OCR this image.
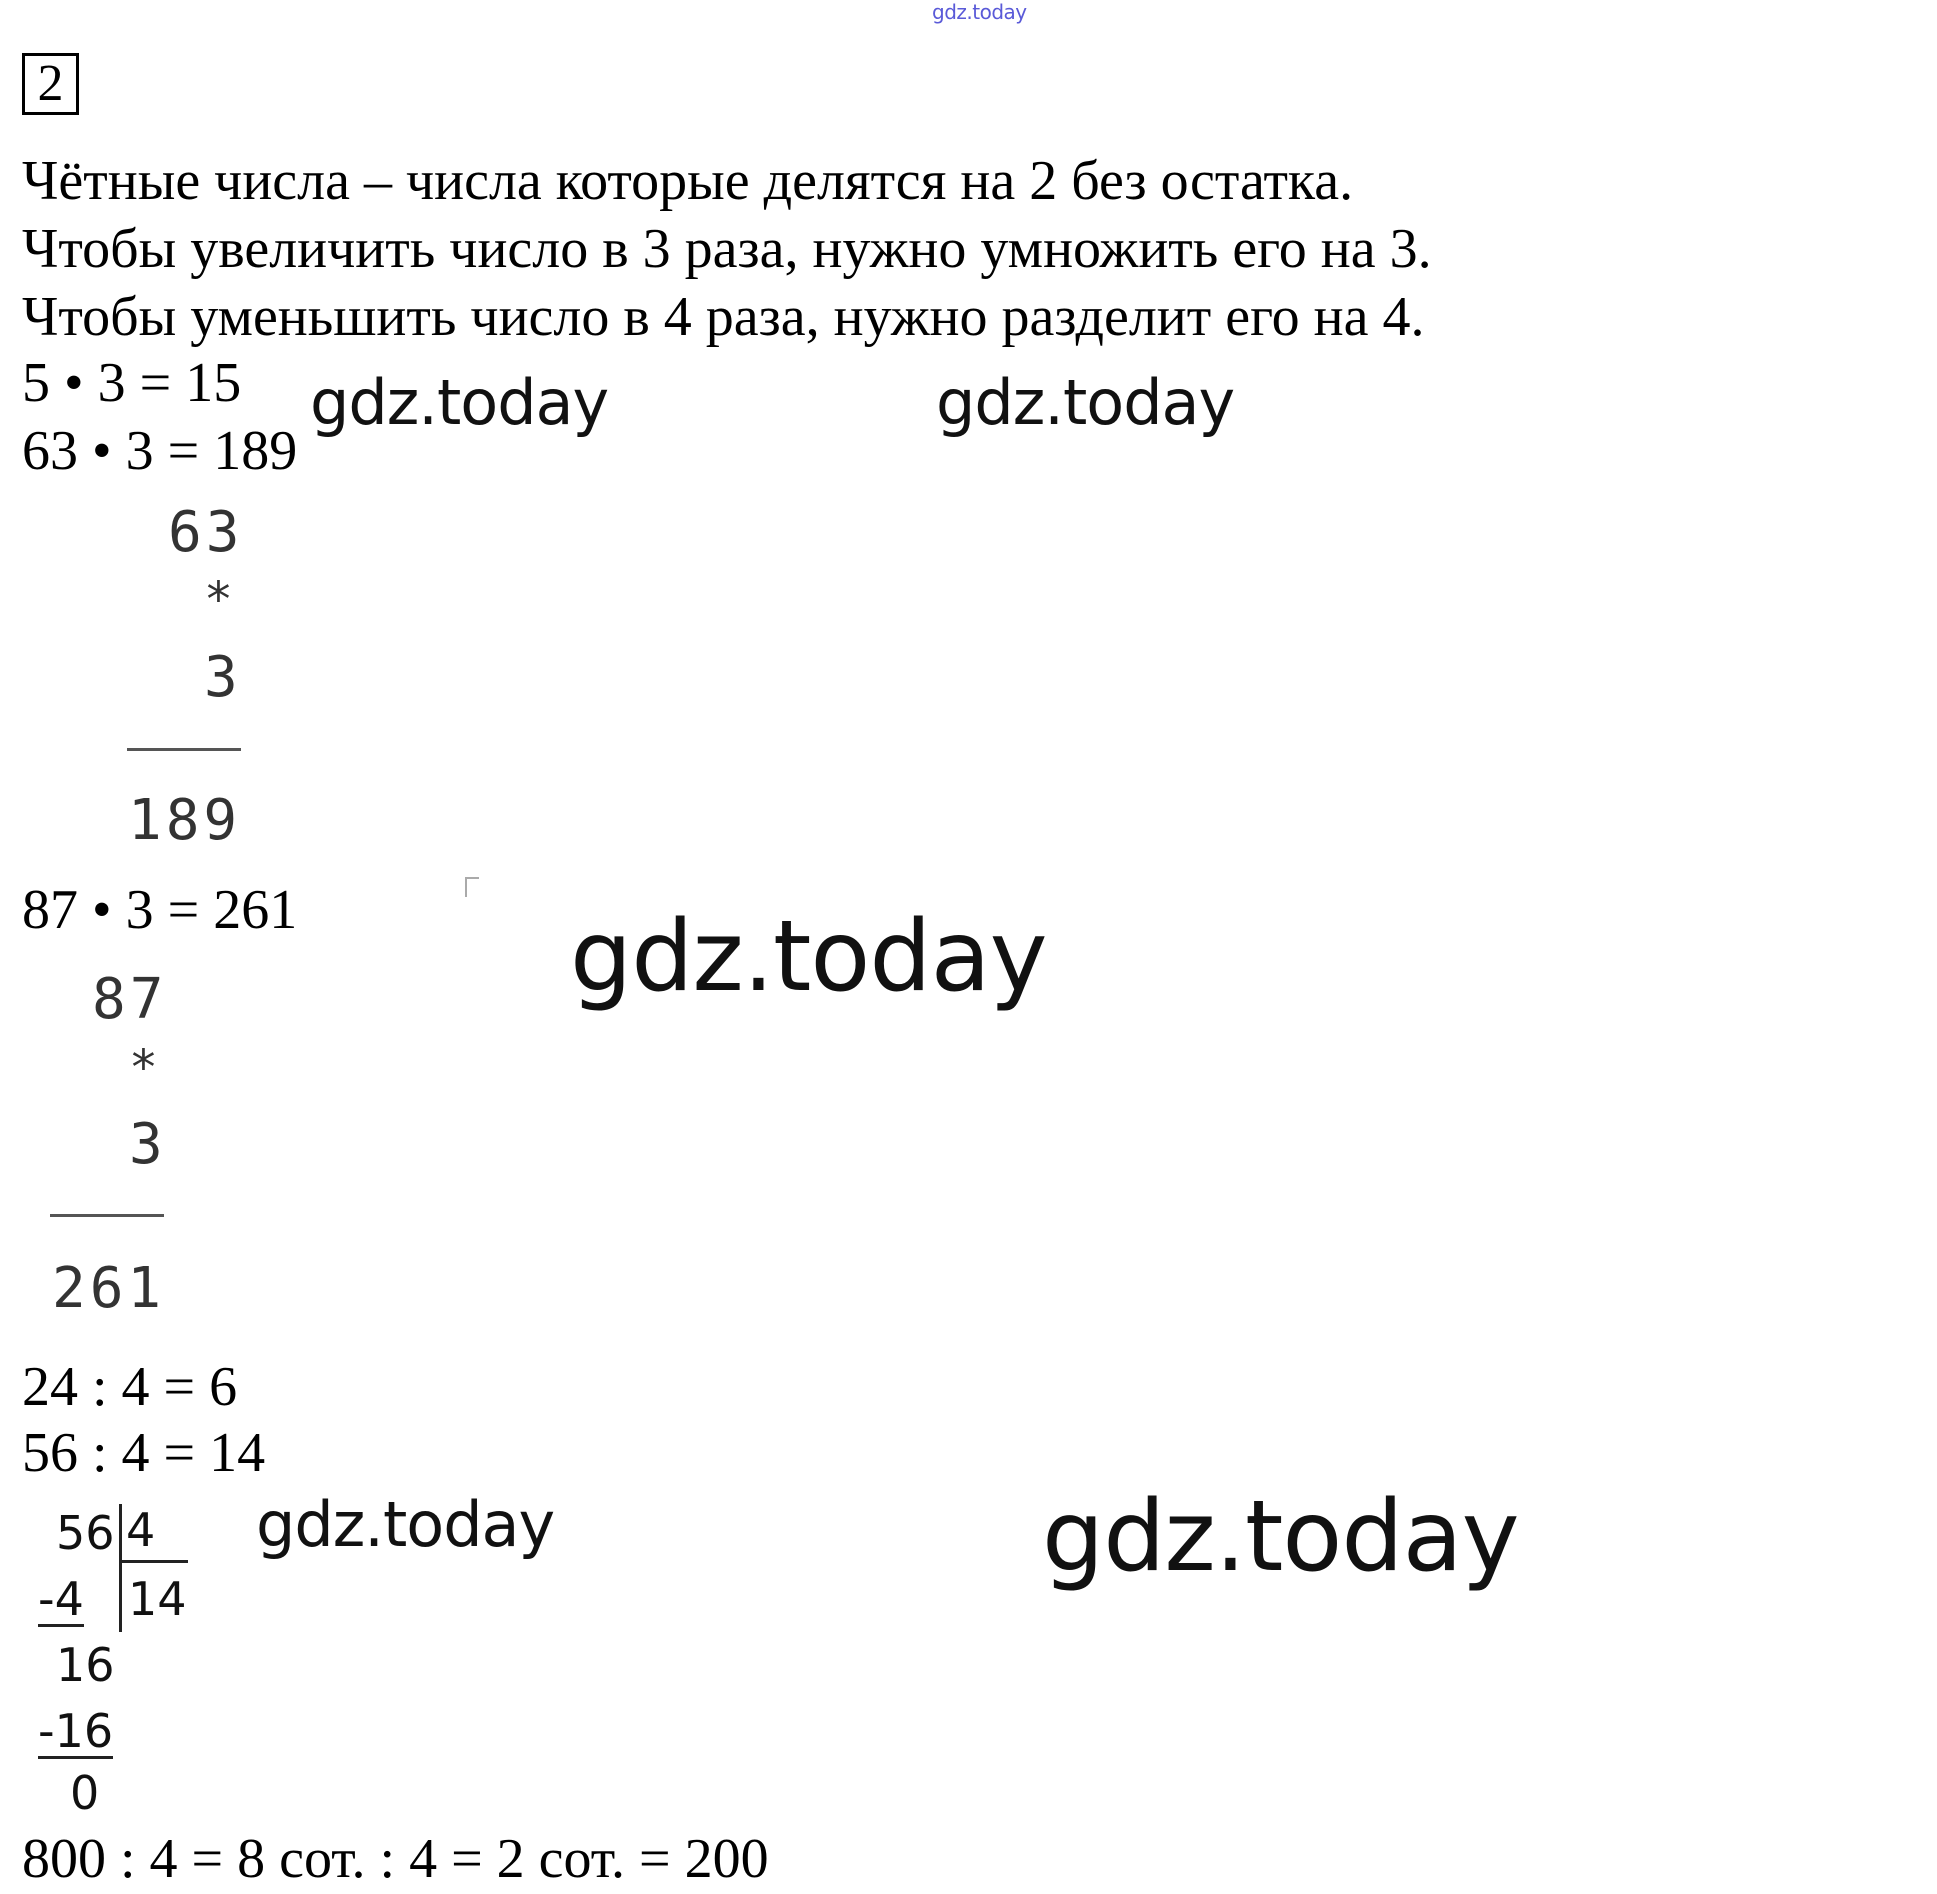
gdz.today
2
Чётные числа – числа которые делятся на 2 без остатка.
Чтобы увеличить число в 3 раза, нужно умножить его на 3.
Чтобы уменьшить число в 4 раза, нужно разделит его на 4.
5 • 3 = 15
63 • 3 = 189
gdz.today	gdz.today
63
*
3
189
87 • 3 = 261	gdz.today
87
*
3
261
24 : 4 = 6
56 : 4 = 14
56 4
-4 14
16
-16
0
gdz.today	gdz.today
800 : 4 = 8 сот. : 4 = 2 сот. = 200
